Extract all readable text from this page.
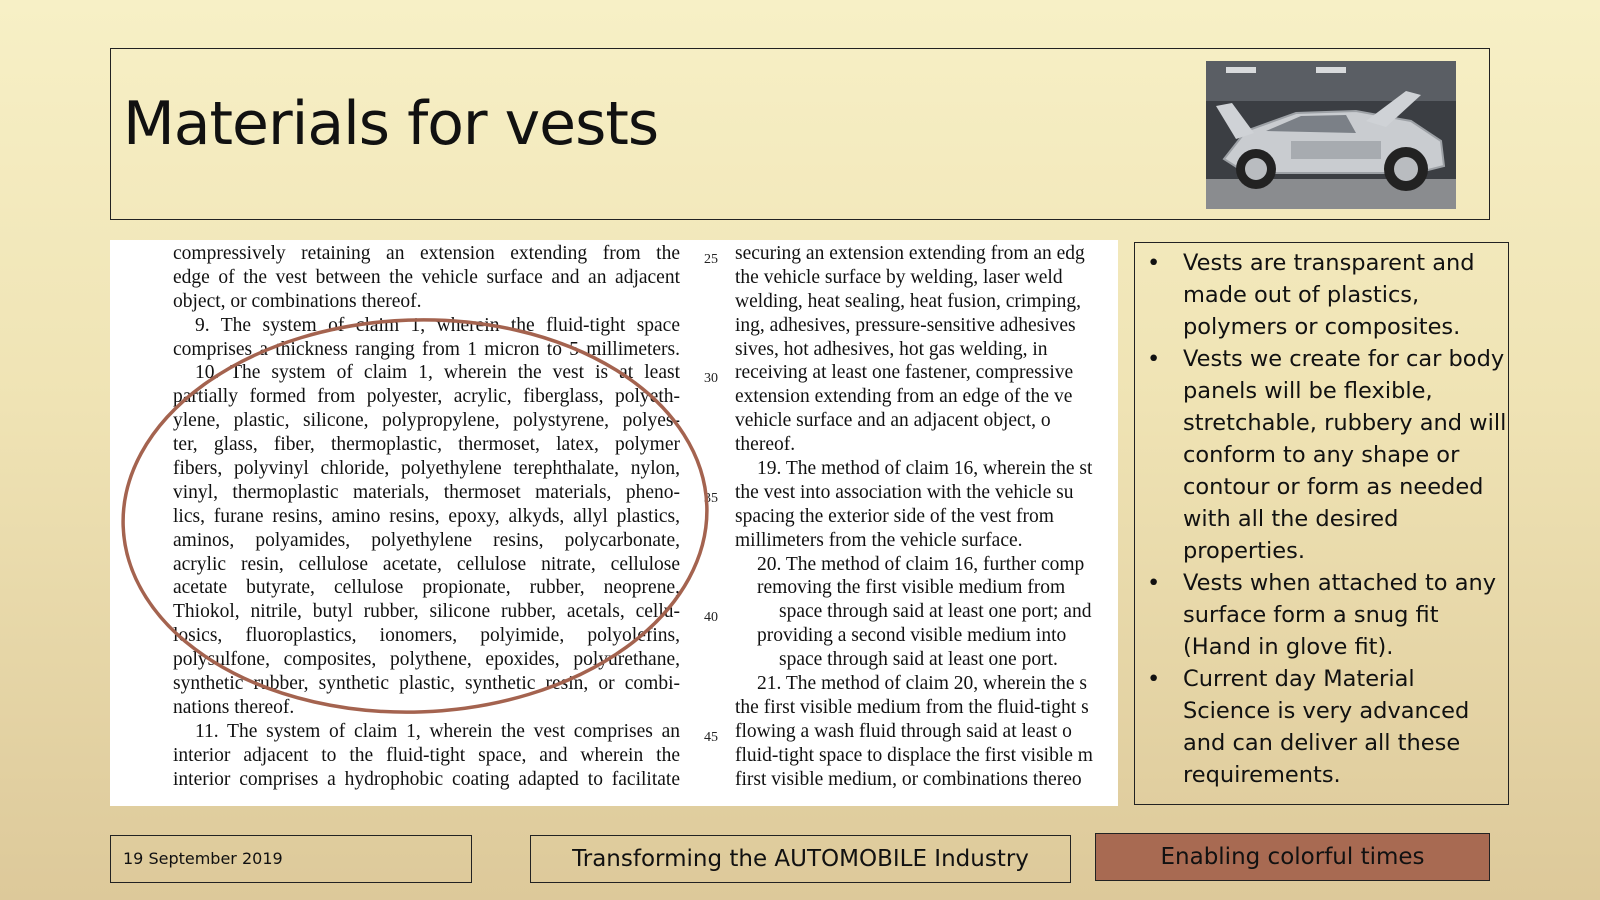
Materials for vests
compressively retaining an extension extending from the
edge of the vest between the vehicle surface and an adjacent
object, or combinations thereof.
9. The system of claim 1, wherein the fluid-tight space
comprises a thickness ranging from 1 micron to 5 millimeters.
10. The system of claim 1, wherein the vest is at least
partially formed from polyester, acrylic, fiberglass, polyeth-
ylene, plastic, silicone, polypropylene, polystyrene, polyes-
ter, glass, fiber, thermoplastic, thermoset, latex, polymer
fibers, polyvinyl chloride, polyethylene terephthalate, nylon,
vinyl, thermoplastic materials, thermoset materials, pheno-
lics, furane resins, amino resins, epoxy, alkyds, allyl plastics,
aminos, polyamides, polyethylene resins, polycarbonate,
acrylic resin, cellulose acetate, cellulose nitrate, cellulose
acetate butyrate, cellulose propionate, rubber, neoprene,
Thiokol, nitrile, butyl rubber, silicone rubber, acetals, cellu-
losics, fluoroplastics, ionomers, polyimide, polyolefins,
polysulfone, composites, polythene, epoxides, polyurethane,
synthetic rubber, synthetic plastic, synthetic resin, or combi-
nations thereof.
11. The system of claim 1, wherein the vest comprises an
interior adjacent to the fluid-tight space, and wherein the
interior comprises a hydrophobic coating adapted to facilitate
25
30
35
40
45
securing an extension extending from an edg
the vehicle surface by welding, laser weld
welding, heat sealing, heat fusion, crimping,
ing, adhesives, pressure-sensitive adhesives
sives, hot adhesives, hot gas welding, in
receiving at least one fastener, compressive
extension extending from an edge of the ve
vehicle surface and an adjacent object, o
thereof.
19. The method of claim 16, wherein the st
the vest into association with the vehicle su
spacing the exterior side of the vest from
millimeters from the vehicle surface.
20. The method of claim 16, further comp
removing the first visible medium from
space through said at least one port; and
providing a second visible medium into
space through said at least one port.
21. The method of claim 20, wherein the s
the first visible medium from the fluid-tight s
flowing a wash fluid through said at least o
fluid-tight space to displace the first visible m
first visible medium, or combinations thereo
• Vests are transparent and made out of plastics, polymers or composites.
• Vests we create for car body panels will be flexible, stretchable, rubbery and will conform to any shape or contour or form as needed with all the desired properties.
• Vests when attached to any surface form a snug fit (Hand in glove fit).
• Current day Material Science is very advanced and can deliver all these requirements.
19 September 2019	Transforming the AUTOMOBILE Industry	Enabling colorful times
